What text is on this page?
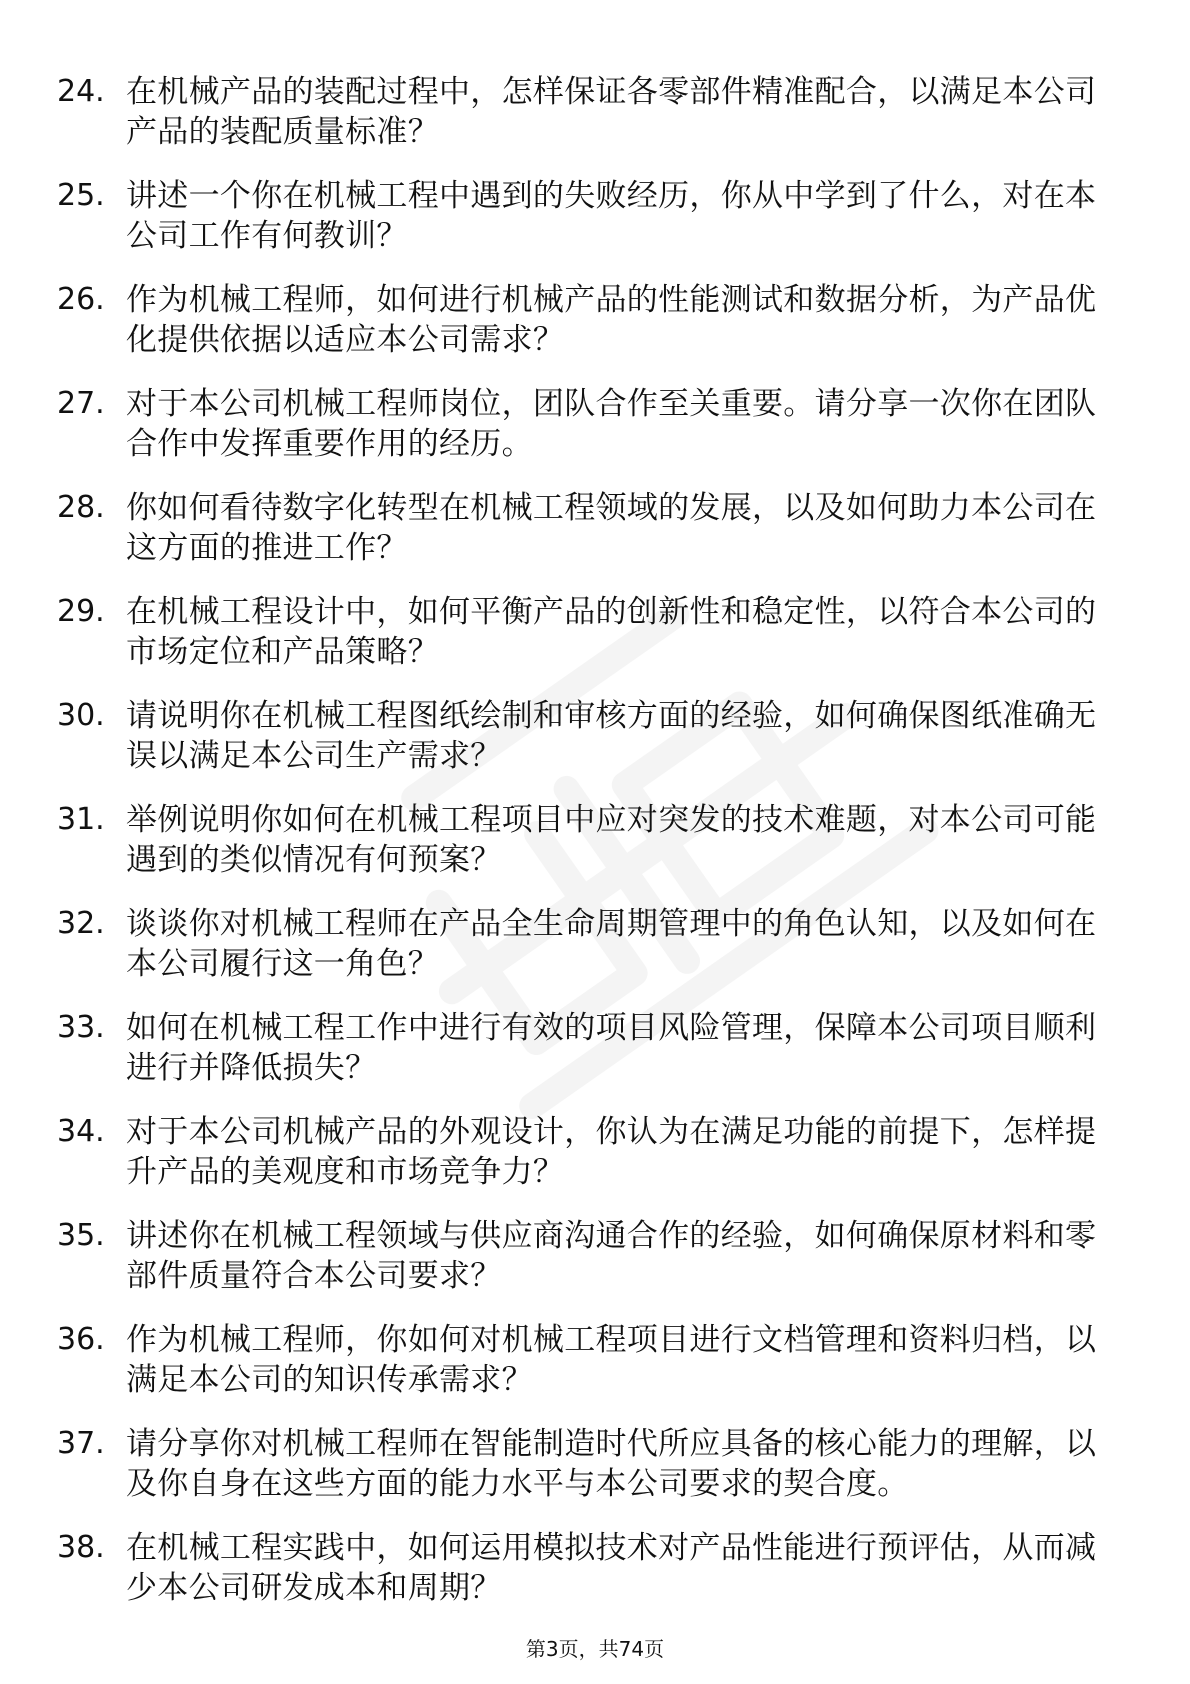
24. 在机械产品的装配过程中，怎样保证各零部件精准配合，以满足本公司产品的装配质量标准？
25. 讲述一个你在机械工程中遇到的失败经历，你从中学到了什么，对在本公司工作有何教训？
26. 作为机械工程师，如何进行机械产品的性能测试和数据分析，为产品优化提供依据以适应本公司需求？
27. 对于本公司机械工程师岗位，团队合作至关重要。请分享一次你在团队合作中发挥重要作用的经历。
28. 你如何看待数字化转型在机械工程领域的发展，以及如何助力本公司在这方面的推进工作？
29. 在机械工程设计中，如何平衡产品的创新性和稳定性，以符合本公司的市场定位和产品策略？
30. 请说明你在机械工程图纸绘制和审核方面的经验，如何确保图纸准确无误以满足本公司生产需求？
31. 举例说明你如何在机械工程项目中应对突发的技术难题，对本公司可能遇到的类似情况有何预案？
32. 谈谈你对机械工程师在产品全生命周期管理中的角色认知，以及如何在本公司履行这一角色？
33. 如何在机械工程工作中进行有效的项目风险管理，保障本公司项目顺利进行并降低损失？
34. 对于本公司机械产品的外观设计，你认为在满足功能的前提下，怎样提升产品的美观度和市场竞争力？
35. 讲述你在机械工程领域与供应商沟通合作的经验，如何确保原材料和零部件质量符合本公司要求？
36. 作为机械工程师，你如何对机械工程项目进行文档管理和资料归档，以满足本公司的知识传承需求？
37. 请分享你对机械工程师在智能制造时代所应具备的核心能力的理解，以及你自身在这些方面的能力水平与本公司要求的契合度。
38. 在机械工程实践中，如何运用模拟技术对产品性能进行预评估，从而减少本公司研发成本和周期？
第3页，共74页
